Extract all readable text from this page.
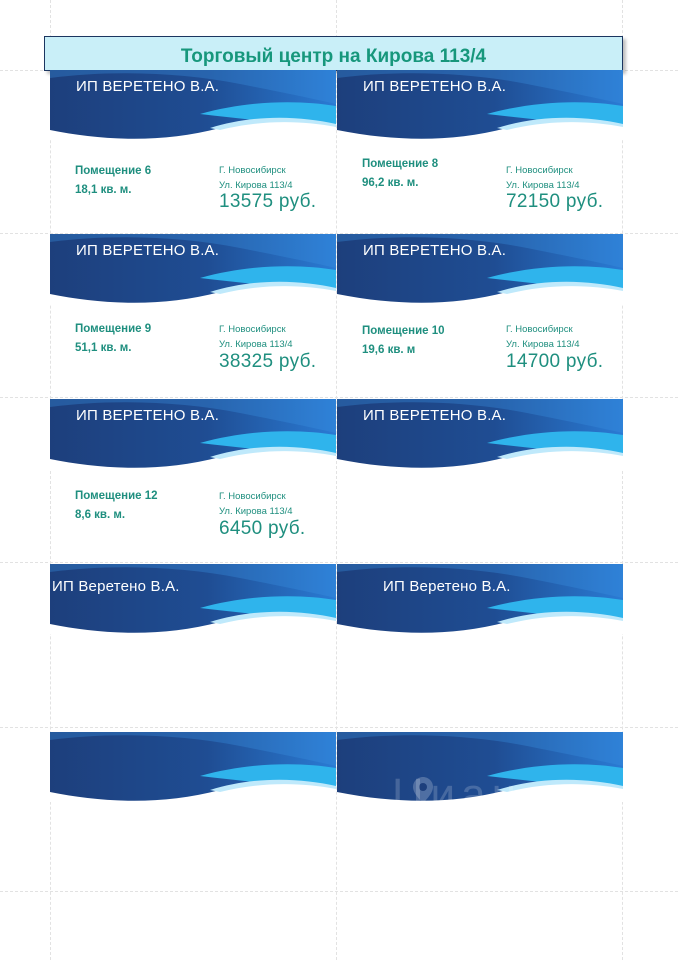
Торговый центр на Кирова 113/4
ИП ВЕРЕТЕНО В.А.
Помещение 6
18,1 кв. м.
Г. Новосибирск
Ул. Кирова 113/4
13575 руб.
ИП ВЕРЕТЕНО В.А.
Помещение 8
96,2 кв. м.
Г. Новосибирск
Ул. Кирова 113/4
72150 руб.
ИП ВЕРЕТЕНО В.А.
Помещение 9
51,1 кв. м.
Г. Новосибирск
Ул. Кирова 113/4
38325 руб.
ИП ВЕРЕТЕНО В.А.
Помещение 10
19,6 кв. м
Г. Новосибирск
Ул. Кирова 113/4
14700 руб.
ИП ВЕРЕТЕНО В.А.
Помещение 12
8,6 кв. м.
Г. Новосибирск
Ул. Кирова 113/4
6450 руб.
ИП ВЕРЕТЕНО В.А.
ИП Веретено В.А.	ИП Веретено В.А.
Циан
